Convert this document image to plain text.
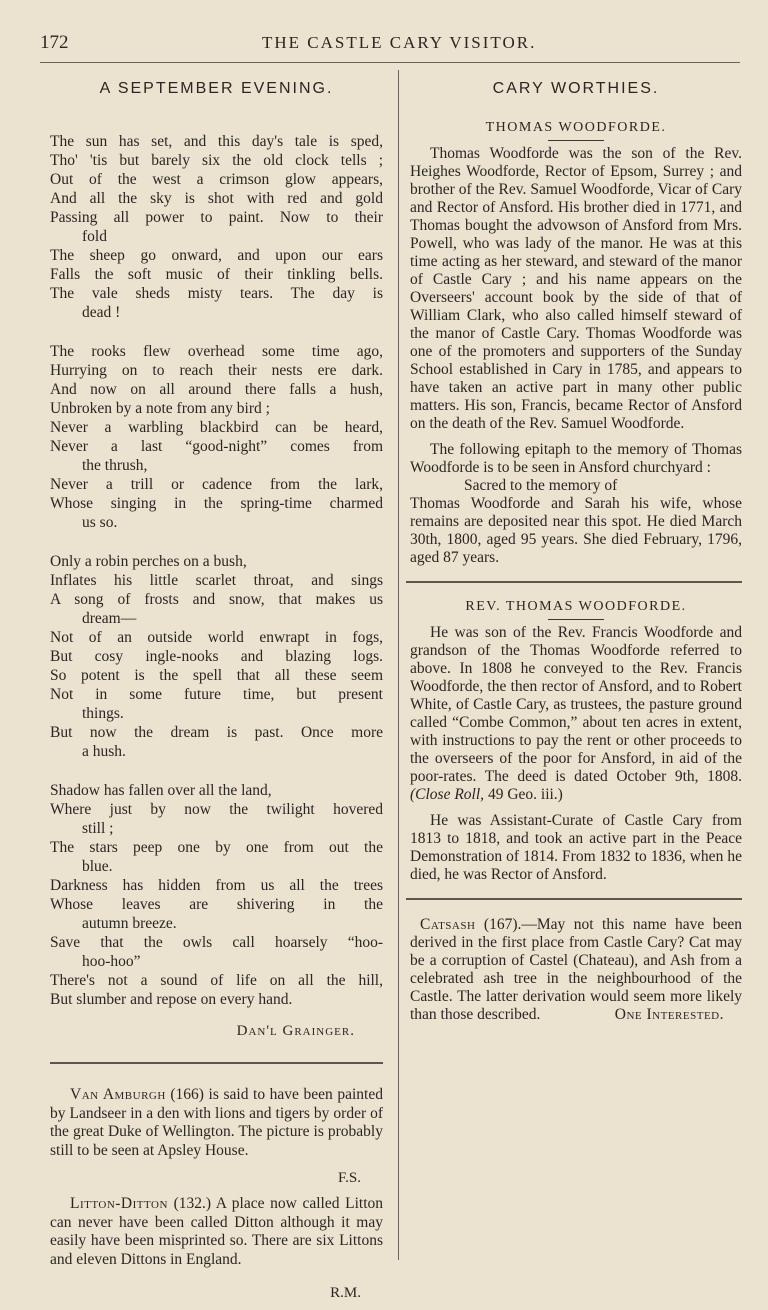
172	THE CASTLE CARY VISITOR.
A SEPTEMBER EVENING.
The sun has set, and this day's tale is sped,
Tho' 'tis but barely six the old clock tells ;
Out of the west a crimson glow appears,
And all the sky is shot with red and gold
Passing all power to paint. Now to their
fold
The sheep go onward, and upon our ears
Falls the soft music of their tinkling bells.
The vale sheds misty tears. The day is
dead !
The rooks flew overhead some time ago,
Hurrying on to reach their nests ere dark.
And now on all around there falls a hush,
Unbroken by a note from any bird ;
Never a warbling blackbird can be heard,
Never a last “good-night” comes from
the thrush,
Never a trill or cadence from the lark,
Whose singing in the spring-time charmed
us so.
Only a robin perches on a bush,
Inflates his little scarlet throat, and sings
A song of frosts and snow, that makes us
dream—
Not of an outside world enwrapt in fogs,
But cosy ingle-nooks and blazing logs.
So potent is the spell that all these seem
Not in some future time, but present
things.
But now the dream is past. Once more
a hush.
Shadow has fallen over all the land,
Where just by now the twilight hovered
still ;
The stars peep one by one from out the
blue.
Darkness has hidden from us all the trees
Whose leaves are shivering in the
autumn breeze.
Save that the owls call hoarsely “hoo-
hoo-hoo”
There's not a sound of life on all the hill,
But slumber and repose on every hand.
Dan'l Grainger.

Van Amburgh (166) is said to have been painted by Landseer in a den with lions and tigers by order of the great Duke of Wellington. The picture is probably still to be seen at Apsley House.

F.S.

Litton-Ditton (132.) A place now called Litton can never have been called Ditton although it may easily have been misprinted so. There are six Littons and eleven Dittons in England.

R.M.
CARY WORTHIES.
THOMAS WOODFORDE.

Thomas Woodforde was the son of the Rev. Heighes Woodforde, Rector of Epsom, Surrey ; and brother of the Rev. Samuel Woodforde, Vicar of Cary and Rector of Ansford. His brother died in 1771, and Thomas bought the advowson of Ansford from Mrs. Powell, who was lady of the manor. He was at this time acting as her steward, and steward of the manor of Castle Cary ; and his name appears on the Overseers' account book by the side of that of William Clark, who also called himself steward of the manor of Castle Cary. Thomas Woodforde was one of the promoters and supporters of the Sunday School established in Cary in 1785, and appears to have taken an active part in many other public matters. His son, Francis, became Rector of Ansford on the death of the Rev. Samuel Woodforde.

The following epitaph to the memory of Thomas Woodforde is to be seen in Ansford churchyard :

Sacred to the memory of
Thomas Woodforde and Sarah his wife, whose remains are deposited near this spot. He died March 30th, 1800, aged 95 years. She died February, 1796, aged 87 years.
REV. THOMAS WOODFORDE.

He was son of the Rev. Francis Woodforde and grandson of the Thomas Woodforde referred to above. In 1808 he conveyed to the Rev. Francis Woodforde, the then rector of Ansford, and to Robert White, of Castle Cary, as trustees, the pasture ground called “Combe Common,” about ten acres in extent, with instructions to pay the rent or other proceeds to the overseers of the poor for Ansford, in aid of the poor-rates. The deed is dated October 9th, 1808. (Close Roll, 49 Geo. iii.)

He was Assistant-Curate of Castle Cary from 1813 to 1818, and took an active part in the Peace Demonstration of 1814. From 1832 to 1836, when he died, he was Rector of Ansford.

Catsash (167).—May not this name have been derived in the first place from Castle Cary? Cat may be a corruption of Castel (Chateau), and Ash from a celebrated ash tree in the neighbourhood of the Castle. The latter derivation would seem more likely than those described.	One Interested.
